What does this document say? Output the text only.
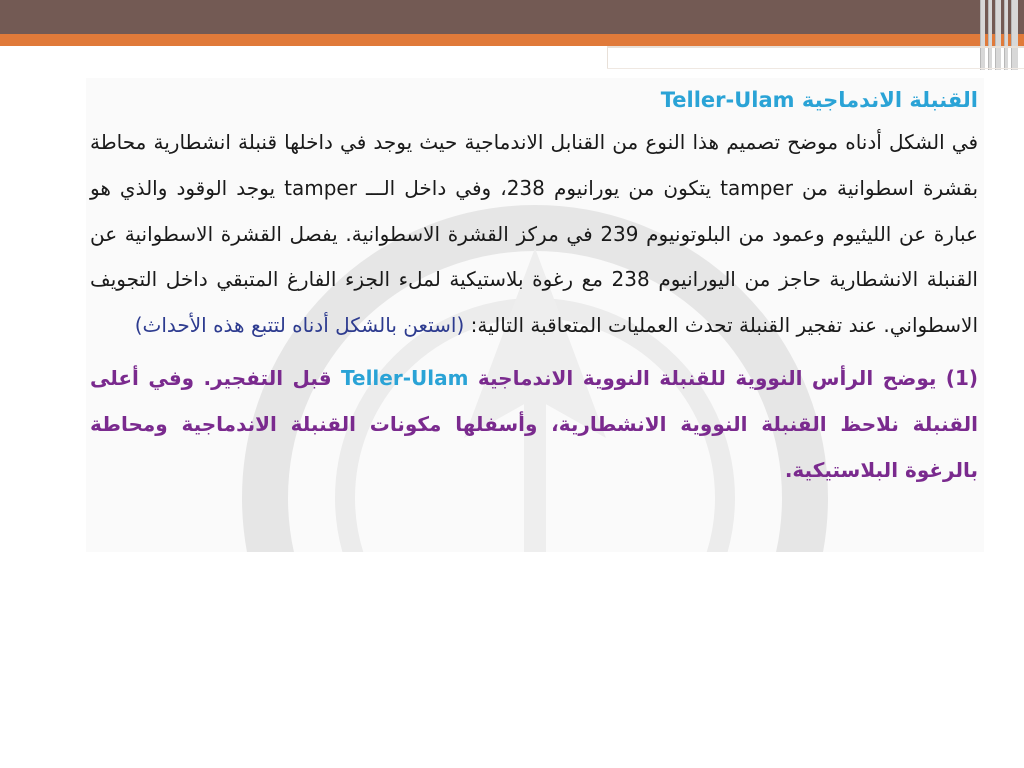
القنبلة الاندماجية Teller-Ulam
في الشكل أدناه موضح تصميم هذا النوع من القنابل الاندماجية حيث يوجد في داخلها قنبلة انشطارية محاطة بقشرة اسطوانية من tamper يتكون من يورانيوم 238، وفي داخل الـــ tamper يوجد الوقود والذي هو عبارة عن الليثيوم وعمود من البلوتونيوم 239 في مركز القشرة الاسطوانية. يفصل القشرة الاسطوانية عن القنبلة الانشطارية حاجز من اليورانيوم 238 مع رغوة بلاستيكية لملء الجزء الفارغ المتبقي داخل التجويف الاسطواني. عند تفجير القنبلة تحدث العمليات المتعاقبة التالية: (استعن بالشكل أدناه لتتبع هذه الأحداث)
(1) يوضح الرأس النووية للقنبلة النووية الاندماجية Teller-Ulam قبل التفجير. وفي أعلى القنبلة نلاحظ القنبلة النووية الانشطارية، وأسفلها مكونات القنبلة الاندماجية ومحاطة بالرغوة البلاستيكية.
